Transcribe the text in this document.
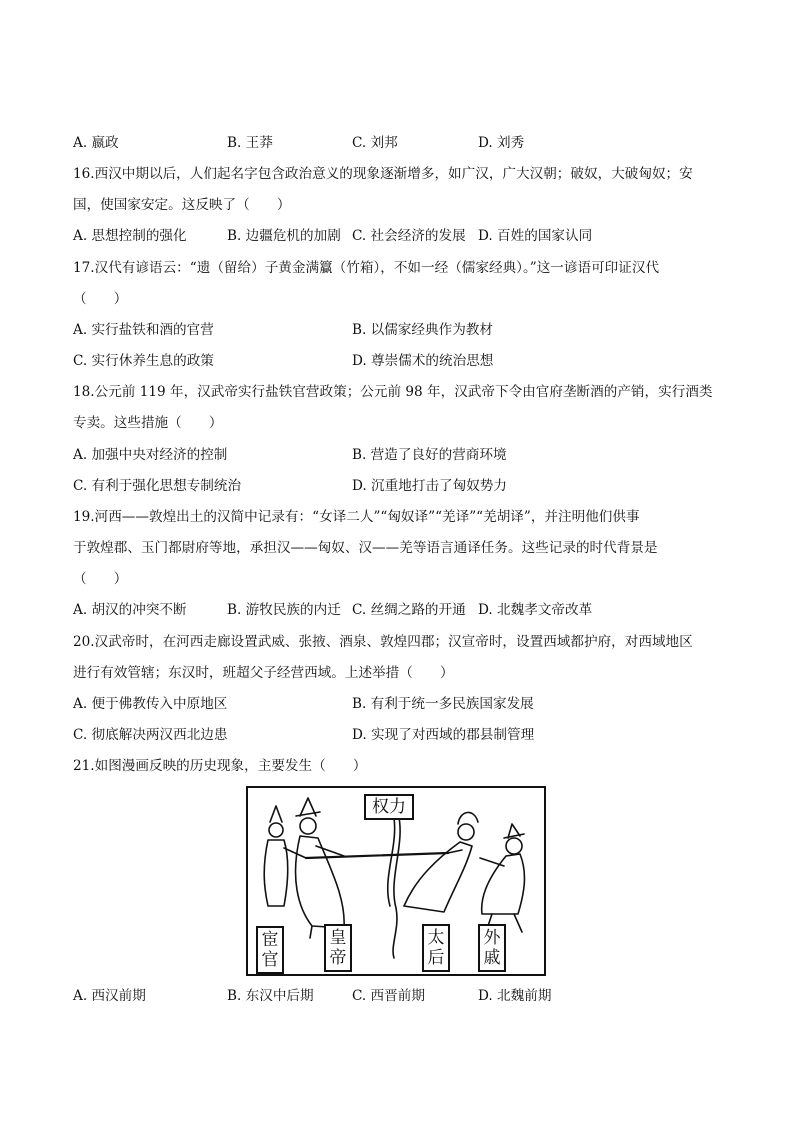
A. 嬴政	B. 王莽	C. 刘邦	D. 刘秀
16.西汉中期以后，人们起名字包含政治意义的现象逐渐增多，如广汉，广大汉朝；破奴，大破匈奴；安
国，使国家安定。这反映了（　　）
A. 思想控制的强化	B. 边疆危机的加剧 C. 社会经济的发展 D. 百姓的国家认同
17.汉代有谚语云：“遗（留给）子黄金满籯（竹箱），不如一经（儒家经典）。”这一谚语可印证汉代
（　　）
A. 实行盐铁和酒的官营	B. 以儒家经典作为教材
C. 实行休养生息的政策	D. 尊崇儒术的统治思想
18.公元前 119 年，汉武帝实行盐铁官营政策；公元前 98 年，汉武帝下令由官府垄断酒的产销，实行酒类
专卖。这些措施（　　）
A. 加强中央对经济的控制	B. 营造了良好的营商环境
C. 有利于强化思想专制统治	D. 沉重地打击了匈奴势力
19.河西——敦煌出土的汉简中记录有：“女译二人”“匈奴译”“羌译”“羌胡译”，并注明他们供事
于敦煌郡、玉门都尉府等地，承担汉——匈奴、汉——羌等语言通译任务。这些记录的时代背景是
（　　）
A. 胡汉的冲突不断	B. 游牧民族的内迁 C. 丝绸之路的开通 D. 北魏孝文帝改革
20.汉武帝时，在河西走廊设置武威、张掖、酒泉、敦煌四郡；汉宣帝时，设置西域都护府，对西域地区
进行有效管辖；东汉时，班超父子经营西域。上述举措（　　）
A. 便于佛教传入中原地区	B. 有利于统一多民族国家发展
C. 彻底解决两汉西北边患	D. 实现了对西域的郡县制管理
21.如图漫画反映的历史现象，主要发生（　　）
权力
宦官
皇帝
太后
外戚
A. 西汉前期	B. 东汉中后期	C. 西晋前期	D. 北魏前期
